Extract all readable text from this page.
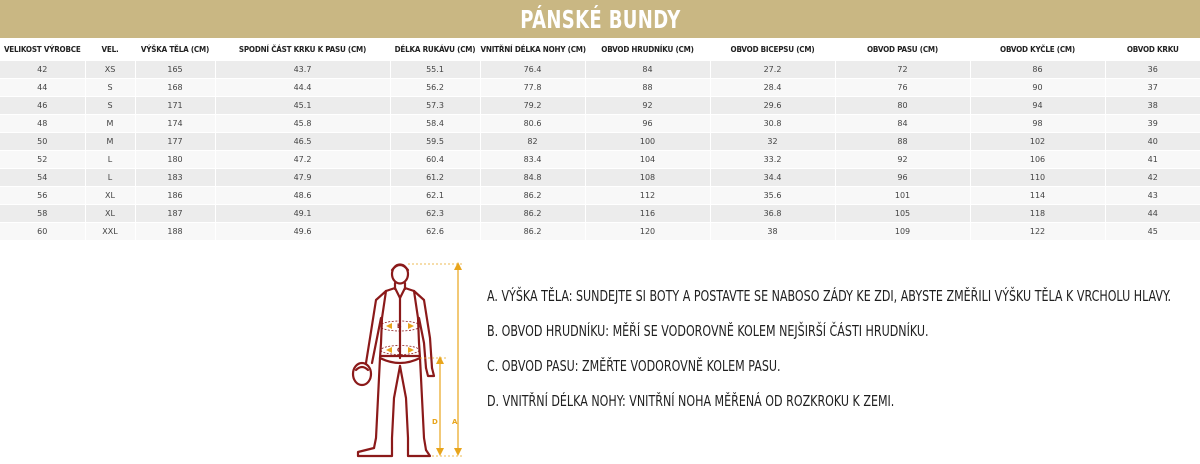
PÁNSKÉ BUNDY
VELIKOST VÝROBCE	VEL.	VÝŠKA TĚLA (CM)	SPODNÍ ČÁST KRKU K PASU (CM)	DÉLKA RUKÁVU (CM)	VNITŘNÍ DÉLKA NOHY (CM)	OBVOD HRUDNÍKU (CM)	OBVOD BICEPSU (CM)	OBVOD PASU (CM)	OBVOD KYČLE (CM)	OBVOD KRKU
42	XS	165	43.7	55.1	76.4	84	27.2	72	86	36
44	S	168	44.4	56.2	77.8	88	28.4	76	90	37
46	S	171	45.1	57.3	79.2	92	29.6	80	94	38
48	M	174	45.8	58.4	80.6	96	30.8	84	98	39
50	M	177	46.5	59.5	82	100	32	88	102	40
52	L	180	47.2	60.4	83.4	104	33.2	92	106	41
54	L	183	47.9	61.2	84.8	108	34.4	96	110	42
56	XL	186	48.6	62.1	86.2	112	35.6	101	114	43
58	XL	187	49.1	62.3	86.2	116	36.8	105	118	44
60	XXL	188	49.6	62.6	86.2	120	38	109	122	45
A
D
B
C
A. VÝŠKA TĚLA: SUNDEJTE SI BOTY A POSTAVTE SE NABOSO ZÁDY KE ZDI, ABYSTE ZMĚŘILI VÝŠKU TĚLA K VRCHOLU HLAVY.
B. OBVOD HRUDNÍKU: MĚŘÍ SE VODOROVNĚ KOLEM NEJŠIRŠÍ ČÁSTI HRUDNÍKU.
C. OBVOD PASU: ZMĚŘTE VODOROVNĚ KOLEM PASU.
D. VNITŘNÍ DÉLKA NOHY: VNITŘNÍ NOHA MĚŘENÁ OD ROZKROKU K ZEMI.
